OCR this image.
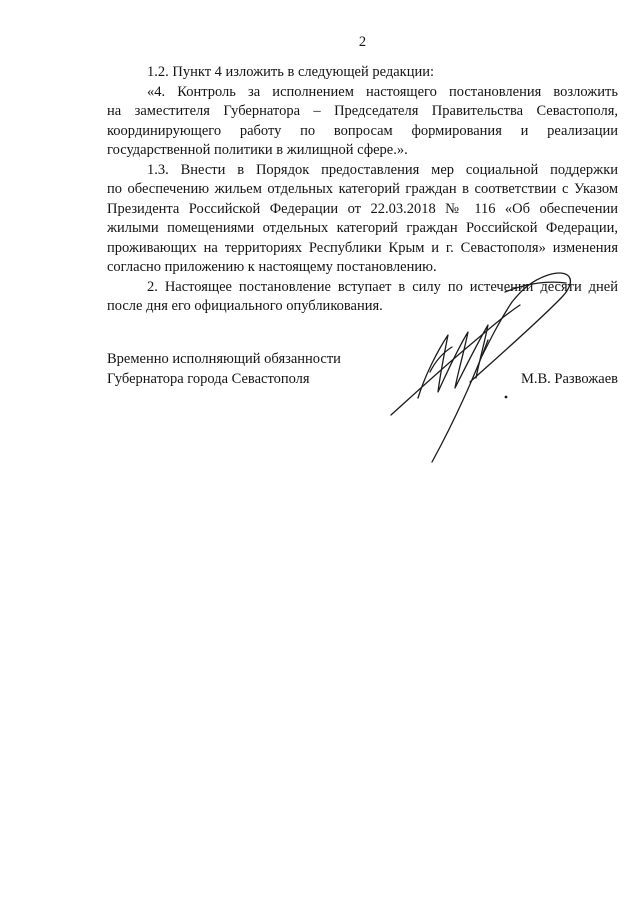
2
1.2. Пункт 4 изложить в следующей редакции:
«4. Контроль за исполнением настоящего постановления возложить
на заместителя Губернатора – Председателя Правительства Севастополя,
координирующего работу по вопросам формирования и реализации
государственной политики в жилищной сфере.».
1.3. Внести в Порядок предоставления мер социальной поддержки
по обеспечению жильем отдельных категорий граждан в соответствии с Указом
Президента Российской Федерации от 22.03.2018 № 116 «Об обеспечении
жилыми помещениями отдельных категорий граждан Российской Федерации,
проживающих на территориях Республики Крым и г. Севастополя» изменения
согласно приложению к настоящему постановлению.
2. Настоящее постановление вступает в силу по истечении десяти дней
после дня его официального опубликования.
Временно исполняющий обязанности
Губернатора города Севастополя	М.В. Развожаев
